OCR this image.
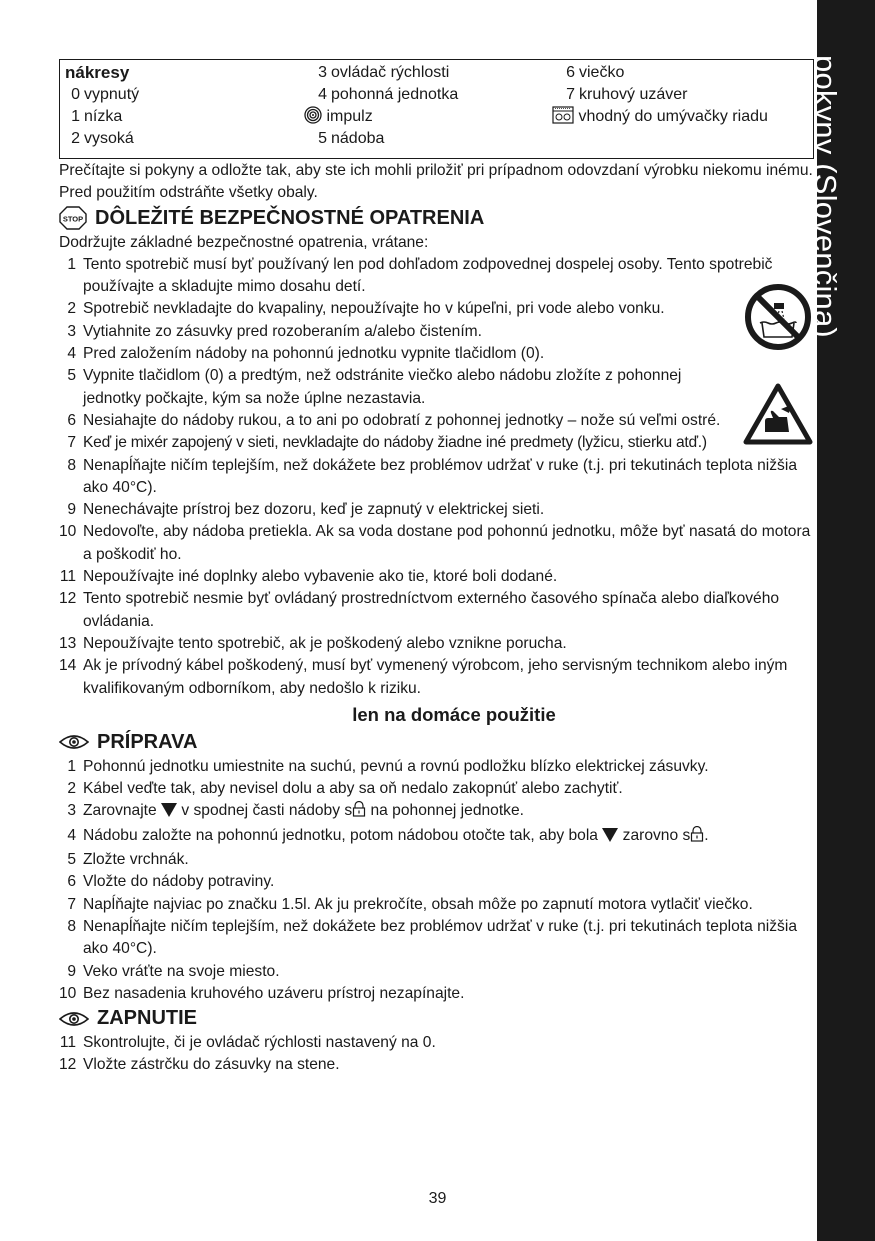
pokyny (Slovenčina)
nákresy
0 vypnutý
1 nízka
2 vysoká
3 ovládač rýchlosti
4 pohonná jednotka
impulz
5 nádoba
6 viečko
7 kruhový uzáver
vhodný do umývačky riadu

Prečítajte si pokyny a odložte tak, aby ste ich mohli priložiť pri prípadnom odovzdaní výrobku niekomu inému. Pred použitím odstráňte všetky obaly.

STOP DÔLEŽITÉ BEZPEČNOSTNÉ OPATRENIA

Dodržujte základné bezpečnostné opatrenia, vrátane:

1 Tento spotrebič musí byť používaný len pod dohľadom zodpovednej dospelej osoby. Tento spotrebič používajte a skladujte mimo dosahu detí.
2 Spotrebič nevkladajte do kvapaliny, nepoužívajte ho v kúpeľni, pri vode alebo vonku.
3 Vytiahnite zo zásuvky pred rozoberaním a/alebo čistením.
4 Pred založením nádoby na pohonnú jednotku vypnite tlačidlom (0).
5 Vypnite tlačidlom (0) a predtým, než odstránite viečko alebo nádobu zložíte z pohonnej jednotky počkajte, kým sa nože úplne nezastavia.
6 Nesiahajte do nádoby rukou, a to ani po odobratí z pohonnej jednotky – nože sú veľmi ostré.
7 Keď je mixér zapojený v sieti, nevkladajte do nádoby žiadne iné predmety (lyžicu, stierku atď.)
8 Nenapĺňajte ničím teplejším, než dokážete bez problémov udržať v ruke (t.j. pri tekutinách teplota nižšia ako 40°C).
9 Nenechávajte prístroj bez dozoru, keď je zapnutý v elektrickej sieti.
10 Nedovoľte, aby nádoba pretiekla. Ak sa voda dostane pod pohonnú jednotku, môže byť nasatá do motora a poškodiť ho.
11 Nepoužívajte iné doplnky alebo vybavenie ako tie, ktoré boli dodané.
12 Tento spotrebič nesmie byť ovládaný prostredníctvom externého časového spínača alebo diaľkového ovládania.
13 Nepoužívajte tento spotrebič, ak je poškodený alebo vznikne porucha.
14 Ak je prívodný kábel poškodený, musí byť vymenený výrobcom, jeho servisným technikom alebo iným kvalifikovaným odborníkom, aby nedošlo k riziku.
len na domáce použitie
PRÍPRAVA
1 Pohonnú jednotku umiestnite na suchú, pevnú a rovnú podložku blízko elektrickej zásuvky.
2 Kábel veďte tak, aby nevisel dolu a aby sa oň nedalo zakopnúť alebo zachytiť.
3 Zarovnajte v spodnej časti nádoby s na pohonnej jednotke.
4 Nádobu založte na pohonnú jednotku, potom nádobou otočte tak, aby bola zarovno s .
5 Zložte vrchnák.
6 Vložte do nádoby potraviny.
7 Napĺňajte najviac po značku 1.5l. Ak ju prekročíte, obsah môže po zapnutí motora vytlačiť viečko.
8 Nenapĺňajte ničím teplejším, než dokážete bez problémov udržať v ruke (t.j. pri tekutinách teplota nižšia ako 40°C).
9 Veko vráťte na svoje miesto.
10 Bez nasadenia kruhového uzáveru prístroj nezapínajte.
ZAPNUTIE
11 Skontrolujte, či je ovládač rýchlosti nastavený na 0.
12 Vložte zástrčku do zásuvky na stene.
39
